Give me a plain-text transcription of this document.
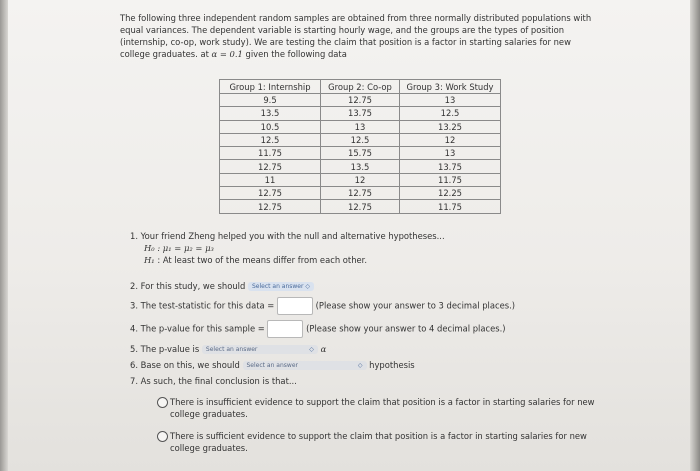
The following three independent random samples are obtained from three normally distributed populations with equal variances. The dependent variable is starting hourly wage, and the groups are the types of position (internship, co-op, work study). We are testing the claim that position is a factor in starting salaries for new college graduates. at α = 0.1 given the following data
Group 1: Internship	Group 2: Co-op	Group 3: Work Study
9.5	12.75	13
13.5	13.75	12.5
10.5	13	13.25
12.5	12.5	12
11.75	15.75	13
12.75	13.5	13.75
11	12	11.75
12.75	12.75	12.25
12.75	12.75	11.75
1. Your friend Zheng helped you with the null and alternative hypotheses...
H₀ : μ₁ = μ₂ = μ₃
H₁ : At least two of the means differ from each other.
2. For this study, we should Select an answer ◇
3. The test-statistic for this data =	(Please show your answer to 3 decimal places.)
4. The p-value for this sample =	(Please show your answer to 4 decimal places.)
5. The p-value is Select an answer	◇ α
6. Base on this, we should Select an answer	◇ hypothesis
7. As such, the final conclusion is that...
There is insufficient evidence to support the claim that position is a factor in starting salaries for new college graduates.
There is sufficient evidence to support the claim that position is a factor in starting salaries for new college graduates.
